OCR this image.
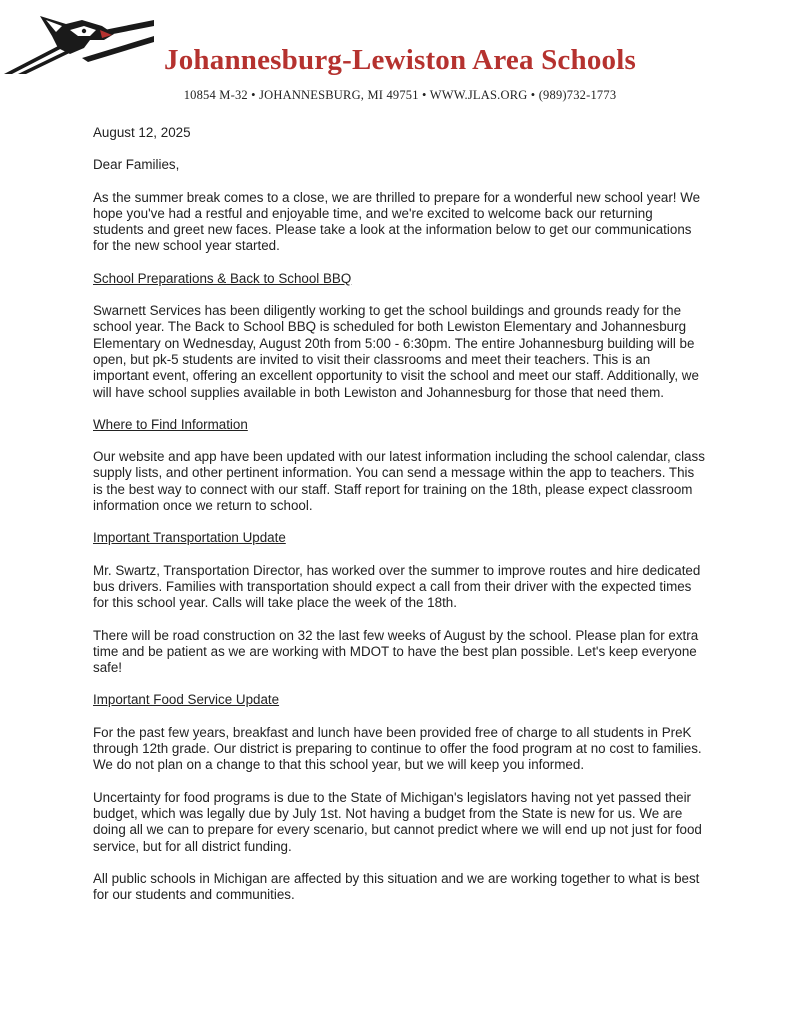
Johannesburg-Lewiston Area Schools
10854 M-32 • JOHANNESBURG, MI 49751 • WWW.JLAS.ORG • (989)732-1773

August 12, 2025

Dear Families,

As the summer break comes to a close, we are thrilled to prepare for a wonderful new school year! We hope you've had a restful and enjoyable time, and we're excited to welcome back our returning students and greet new faces. Please take a look at the information below to get our communications for the new school year started.

School Preparations & Back to School BBQ

Swarnett Services has been diligently working to get the school buildings and grounds ready for the school year. The Back to School BBQ is scheduled for both Lewiston Elementary and Johannesburg Elementary on Wednesday, August 20th from 5:00 - 6:30pm. The entire Johannesburg building will be open, but pk-5 students are invited to visit their classrooms and meet their teachers. This is an important event, offering an excellent opportunity to visit the school and meet our staff. Additionally, we will have school supplies available in both Lewiston and Johannesburg for those that need them.

Where to Find Information

Our website and app have been updated with our latest information including the school calendar, class supply lists, and other pertinent information. You can send a message within the app to teachers. This is the best way to connect with our staff. Staff report for training on the 18th, please expect classroom information once we return to school.

Important Transportation Update

Mr. Swartz, Transportation Director, has worked over the summer to improve routes and hire dedicated bus drivers. Families with transportation should expect a call from their driver with the expected times for this school year. Calls will take place the week of the 18th.

There will be road construction on 32 the last few weeks of August by the school. Please plan for extra time and be patient as we are working with MDOT to have the best plan possible. Let's keep everyone safe!

Important Food Service Update

For the past few years, breakfast and lunch have been provided free of charge to all students in PreK through 12th grade. Our district is preparing to continue to offer the food program at no cost to families. We do not plan on a change to that this school year, but we will keep you informed.

Uncertainty for food programs is due to the State of Michigan's legislators having not yet passed their budget, which was legally due by July 1st. Not having a budget from the State is new for us. We are doing all we can to prepare for every scenario, but cannot predict where we will end up not just for food service, but for all district funding.

All public schools in Michigan are affected by this situation and we are working together to what is best for our students and communities.
